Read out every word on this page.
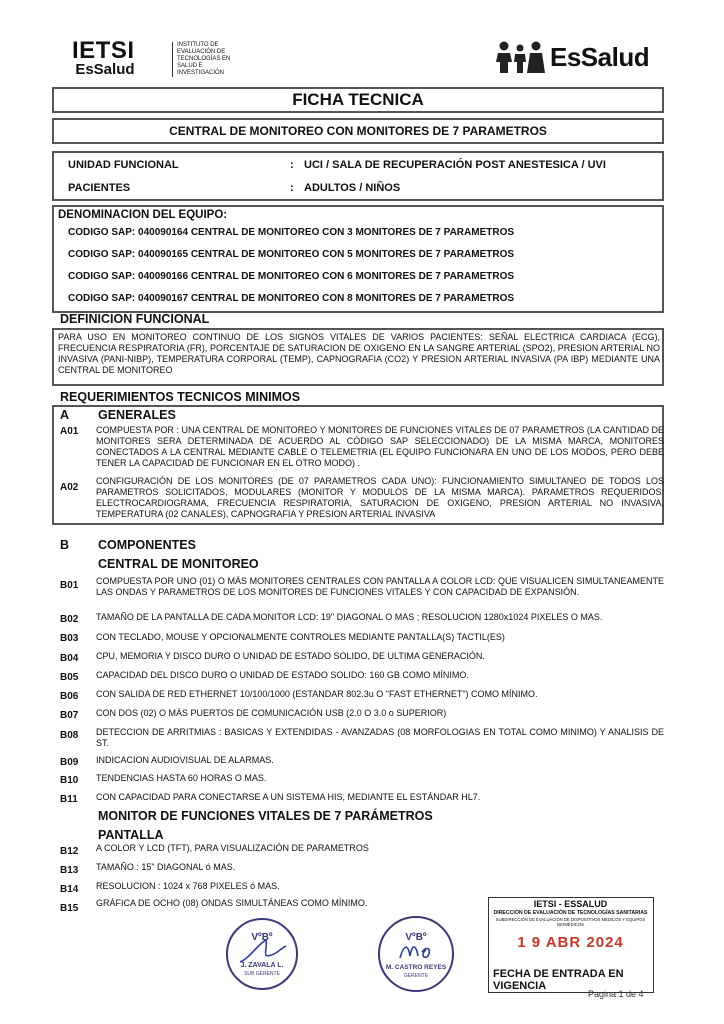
IETSI
EsSalud
INSTITUTO DE
EVALUACIÓN DE
TECNOLOGÍAS EN
SALUD E
INVESTIGACIÓN
EsSalud
FICHA TECNICA
CENTRAL DE MONITOREO CON MONITORES DE 7 PARAMETROS
UNIDAD FUNCIONAL	: UCI / SALA DE RECUPERACIÓN POST ANESTESICA / UVI
PACIENTES	: ADULTOS / NIÑOS
DENOMINACION DEL EQUIPO:
CODIGO SAP: 040090164 CENTRAL DE MONITOREO CON 3 MONITORES DE 7 PARAMETROS
CODIGO SAP: 040090165 CENTRAL DE MONITOREO CON 5 MONITORES DE 7 PARAMETROS
CODIGO SAP: 040090166 CENTRAL DE MONITOREO CON 6 MONITORES DE 7 PARAMETROS
CODIGO SAP: 040090167 CENTRAL DE MONITOREO CON 8 MONITORES DE 7 PARAMETROS
DEFINICION FUNCIONAL
PARA USO EN MONITOREO CONTINUO DE LOS SIGNOS VITALES DE VARIOS PACIENTES: SEÑAL ELECTRICA CARDIACA (ECG), FRECUENCIA RESPIRATORIA (FR), PORCENTAJE DE SATURACION DE OXIGENO EN LA SANGRE ARTERIAL (SPO2), PRESION ARTERIAL NO INVASIVA (PANI-NIBP), TEMPERATURA CORPORAL (TEMP), CAPNOGRAFIA (CO2) Y PRESION ARTERIAL INVASIVA (PA IBP) MEDIANTE UNA CENTRAL DE MONITOREO
REQUERIMIENTOS TECNICOS MINIMOS
A GENERALES
A01 COMPUESTA POR : UNA CENTRAL DE MONITOREO Y MONITORES DE FUNCIONES VITALES DE 07 PARAMETROS (LA CANTIDAD DE MONITORES SERA DETERMINADA DE ACUERDO AL CÓDIGO SAP SELECCIONADO) DE LA MISMA MARCA, MONITORES CONECTADOS A LA CENTRAL MEDIANTE CABLE O TELEMETRIA (EL EQUIPO FUNCIONARA EN UNO DE LOS MODOS, PERO DEBE TENER LA CAPACIDAD DE FUNCIONAR EN EL OTRO MODO) .
A02
CONFIGURACIÓN DE LOS MONITORES (DE 07 PARAMETROS CADA UNO): FUNCIONAMIENTO SIMULTANEO DE TODOS LOS PARAMETROS SOLICITADOS, MODULARES (MONITOR Y MODULOS DE LA MISMA MARCA). PARAMETROS REQUERIDOS: ELECTROCARDIOGRAMA, FRECUENCIA RESPIRATORIA, SATURACION DE OXIGENO, PRESION ARTERIAL NO INVASIVA, TEMPERATURA (02 CANALES), CAPNOGRAFIA Y PRESION ARTERIAL INVASIVA
B COMPONENTES
CENTRAL DE MONITOREO
B01 COMPUESTA POR UNO (01) O MÁS MONITORES CENTRALES CON PANTALLA A COLOR LCD: QUE VISUALICEN SIMULTANEAMENTE LAS ONDAS Y PARAMETROS DE LOS MONITORES DE FUNCIONES VITALES Y CON CAPACIDAD DE EXPANSIÓN.
B02 TAMAÑO DE LA PANTALLA DE CADA MONITOR LCD: 19" DIAGONAL O MAS ; RESOLUCION 1280x1024 PIXELES O MAS.
B03 CON TECLADO, MOUSE Y OPCIONALMENTE CONTROLES MEDIANTE PANTALLA(S) TACTIL(ES)
B04 CPU, MEMORIA Y DISCO DURO O UNIDAD DE ESTADO SOLIDO, DE ULTIMA GENERACIÓN.
B05 CAPACIDAD DEL DISCO DURO O UNIDAD DE ESTADO SOLIDO: 160 GB COMO MÍNIMO.
B06 CON SALIDA DE RED ETHERNET 10/100/1000 (ESTANDAR 802.3u O "FAST ETHERNET") COMO MÍNIMO.
B07 CON DOS (02) O MÁS PUERTOS DE COMUNICACIÓN USB (2.0 O 3.0 o SUPERIOR)
B08 DETECCION DE ARRITMIAS : BASICAS Y EXTENDIDAS - AVANZADAS (08 MORFOLOGIAS EN TOTAL COMO MINIMO) Y ANALISIS DE ST.
B09 INDICACION AUDIOVISUAL DE ALARMAS.
B10 TENDENCIAS HASTA 60 HORAS O MAS.
B11 CON CAPACIDAD PARA CONECTARSE A UN SISTEMA HIS, MEDIANTE EL ESTÁNDAR HL7.
MONITOR DE FUNCIONES VITALES DE 7 PARÁMETROS
PANTALLA
B12 A COLOR Y LCD (TFT), PARA VISUALIZACIÓN DE PARAMETROS
B13 TAMAÑO : 15" DIAGONAL ó MAS.
B14 RESOLUCION : 1024 x 768 PIXELES ó MAS.
B15 GRÁFICA DE OCHO (08) ONDAS SIMULTÁNEAS COMO MÍNIMO.
VºBº
J. ZAVALA L.
SUB GERENTE
VºBº
M. CASTRO REYES
GERENTE
IETSI - ESSALUD
DIRECCIÓN DE EVALUACIÓN DE TECNOLOGÍAS SANITARIAS
SUBDIRECCIÓN DE EVALUACIÓN DE DISPOSITIVOS MÉDICOS Y EQUIPOS BIOMÉDICOS
1 9 ABR 2024
FECHA DE ENTRADA EN VIGENCIA
Pagina 1 de 4
